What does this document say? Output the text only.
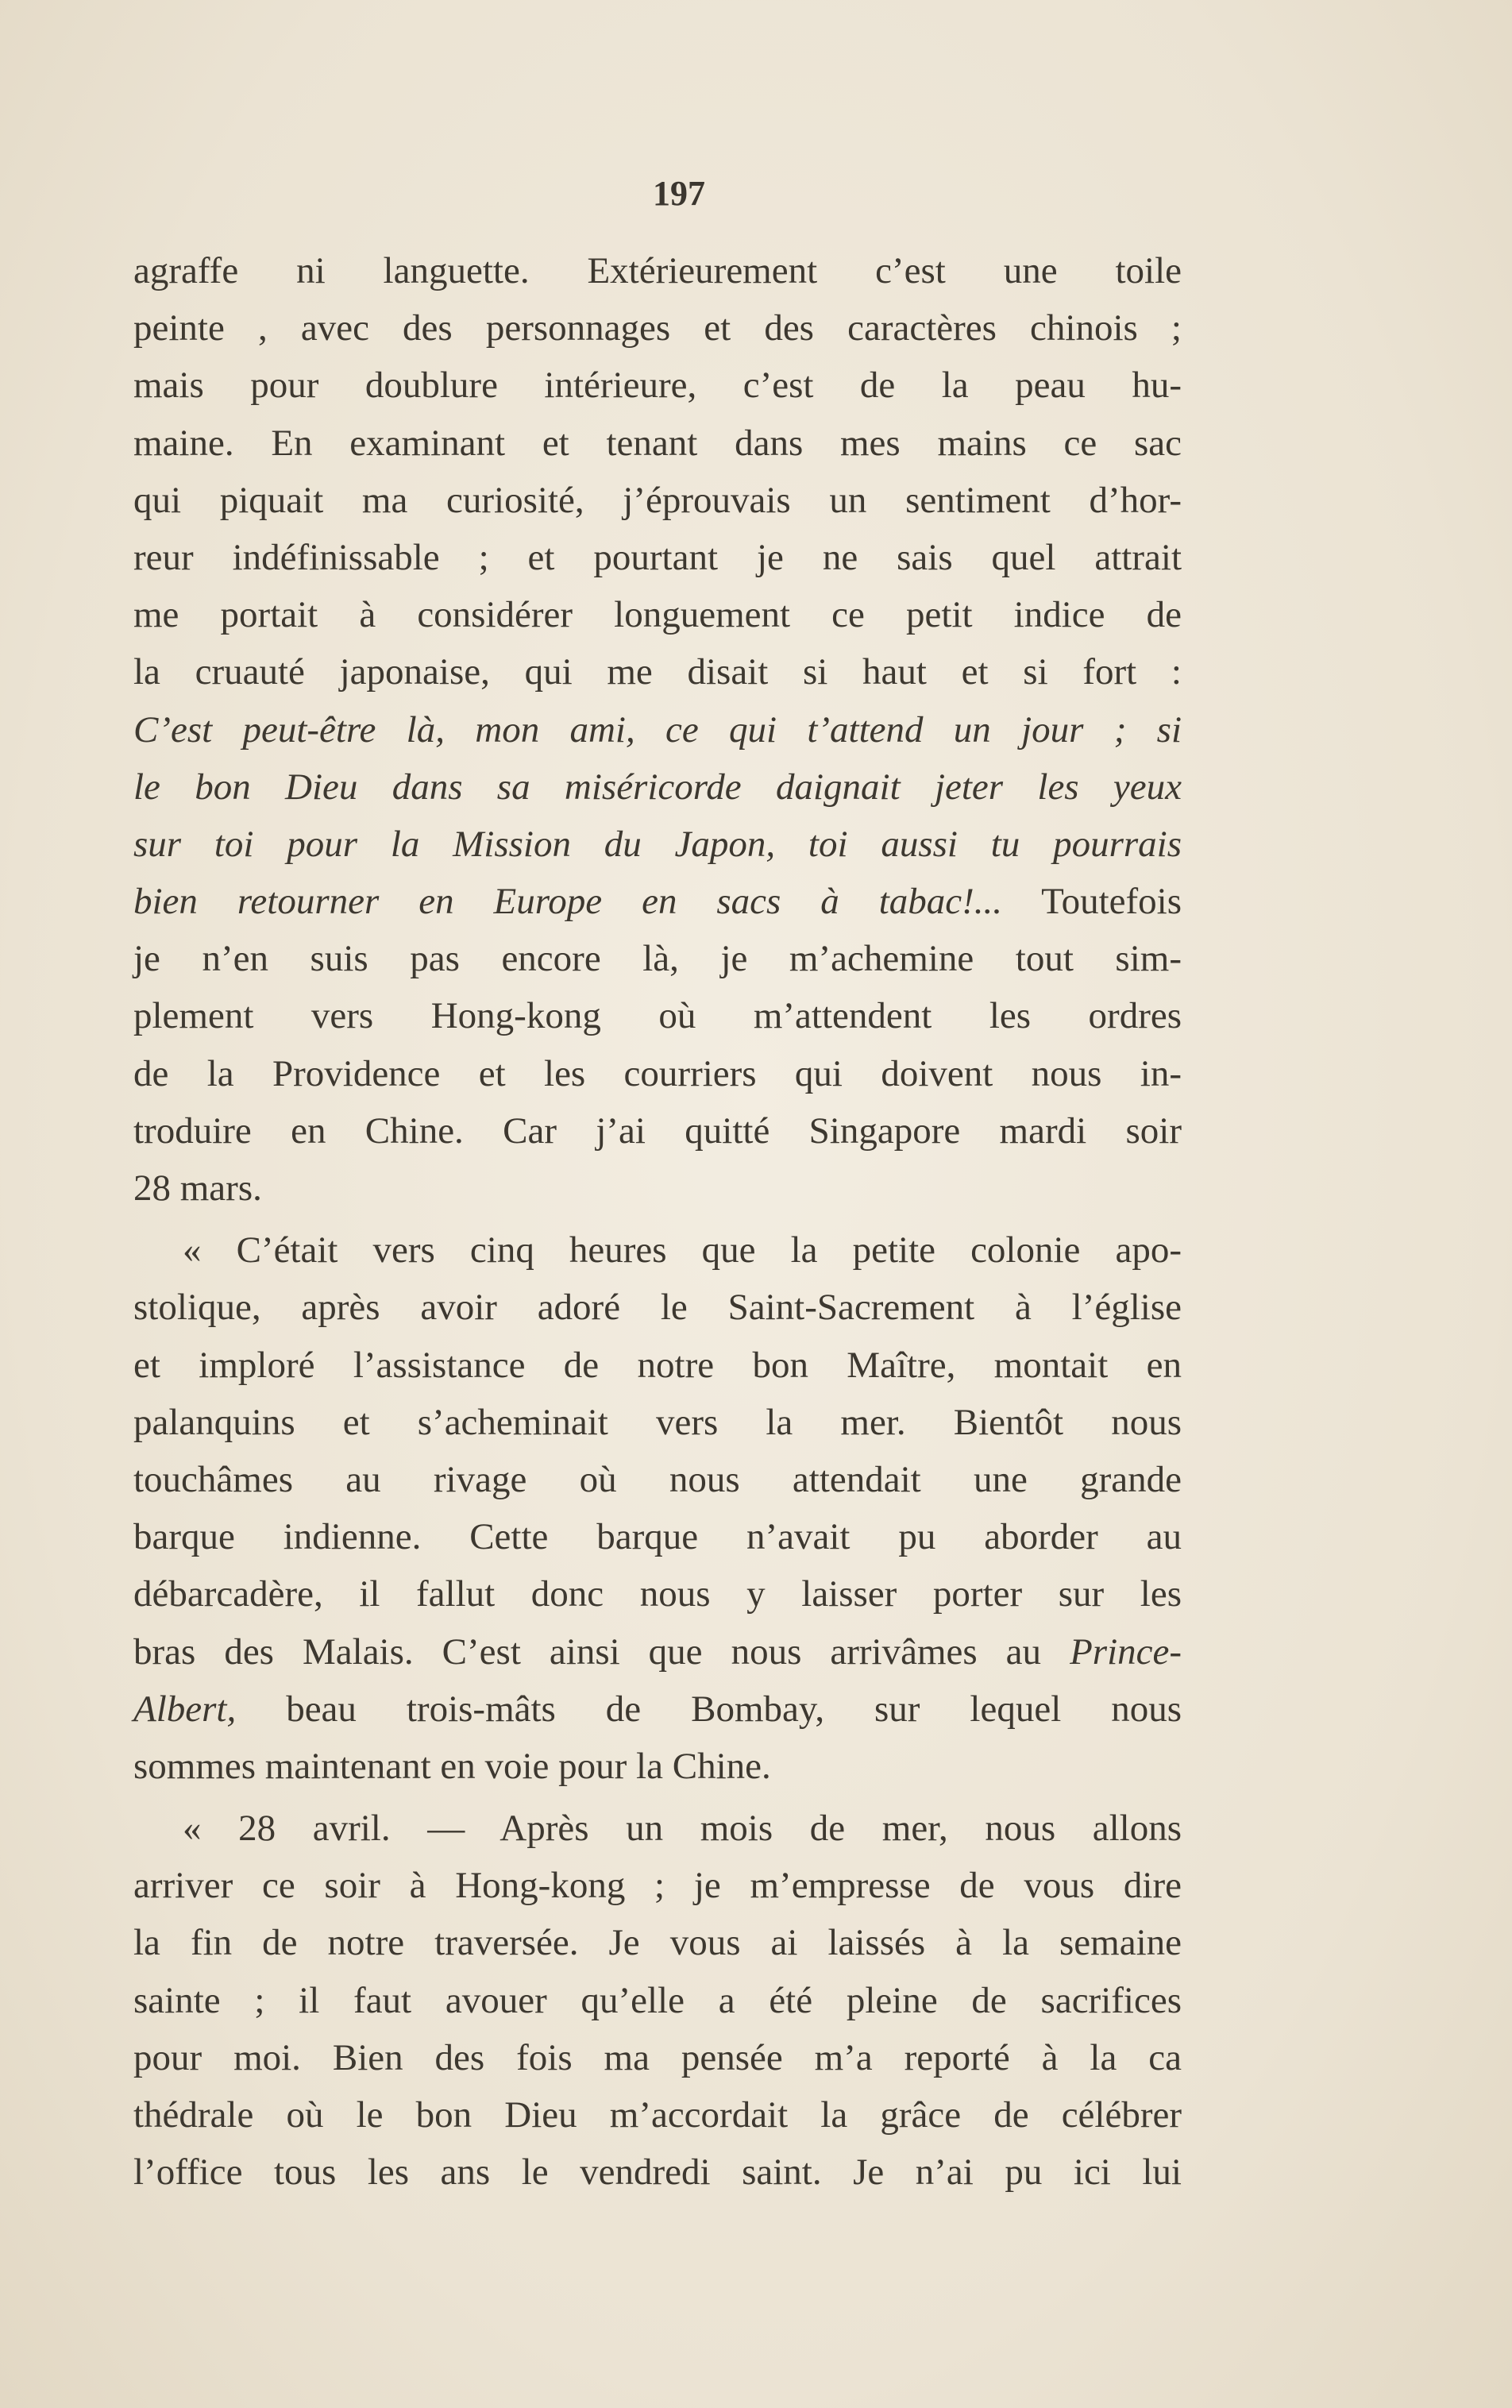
197
agraffe ni languette. Extérieurement c’est une toile
peinte , avec des personnages et des caractères chinois ;
mais pour doublure intérieure, c’est de la peau hu-
maine. En examinant et tenant dans mes mains ce sac
qui piquait ma curiosité, j’éprouvais un sentiment d’hor-
reur indéfinissable ; et pourtant je ne sais quel attrait
me portait à considérer longuement ce petit indice de
la cruauté japonaise, qui me disait si haut et si fort :
C’est peut-être là, mon ami, ce qui t’attend un jour ; si
le bon Dieu dans sa miséricorde daignait jeter les yeux
sur toi pour la Mission du Japon, toi aussi tu pourrais
bien retourner en Europe en sacs à tabac!... Toutefois
je n’en suis pas encore là, je m’achemine tout sim-
plement vers Hong-kong où m’attendent les ordres
de la Providence et les courriers qui doivent nous in-
troduire en Chine. Car j’ai quitté Singapore mardi soir
28 mars.
« C’était vers cinq heures que la petite colonie apo-
stolique, après avoir adoré le Saint-Sacrement à l’église
et imploré l’assistance de notre bon Maître, montait en
palanquins et s’acheminait vers la mer. Bientôt nous
touchâmes au rivage où nous attendait une grande
barque indienne. Cette barque n’avait pu aborder au
débarcadère, il fallut donc nous y laisser porter sur les
bras des Malais. C’est ainsi que nous arrivâmes au Prince-
Albert, beau trois-mâts de Bombay, sur lequel nous
sommes maintenant en voie pour la Chine.
« 28 avril. — Après un mois de mer, nous allons
arriver ce soir à Hong-kong ; je m’empresse de vous dire
la fin de notre traversée. Je vous ai laissés à la semaine
sainte ; il faut avouer qu’elle a été pleine de sacrifices
pour moi. Bien des fois ma pensée m’a reporté à la ca
thédrale où le bon Dieu m’accordait la grâce de célébrer
l’office tous les ans le vendredi saint. Je n’ai pu ici lui
